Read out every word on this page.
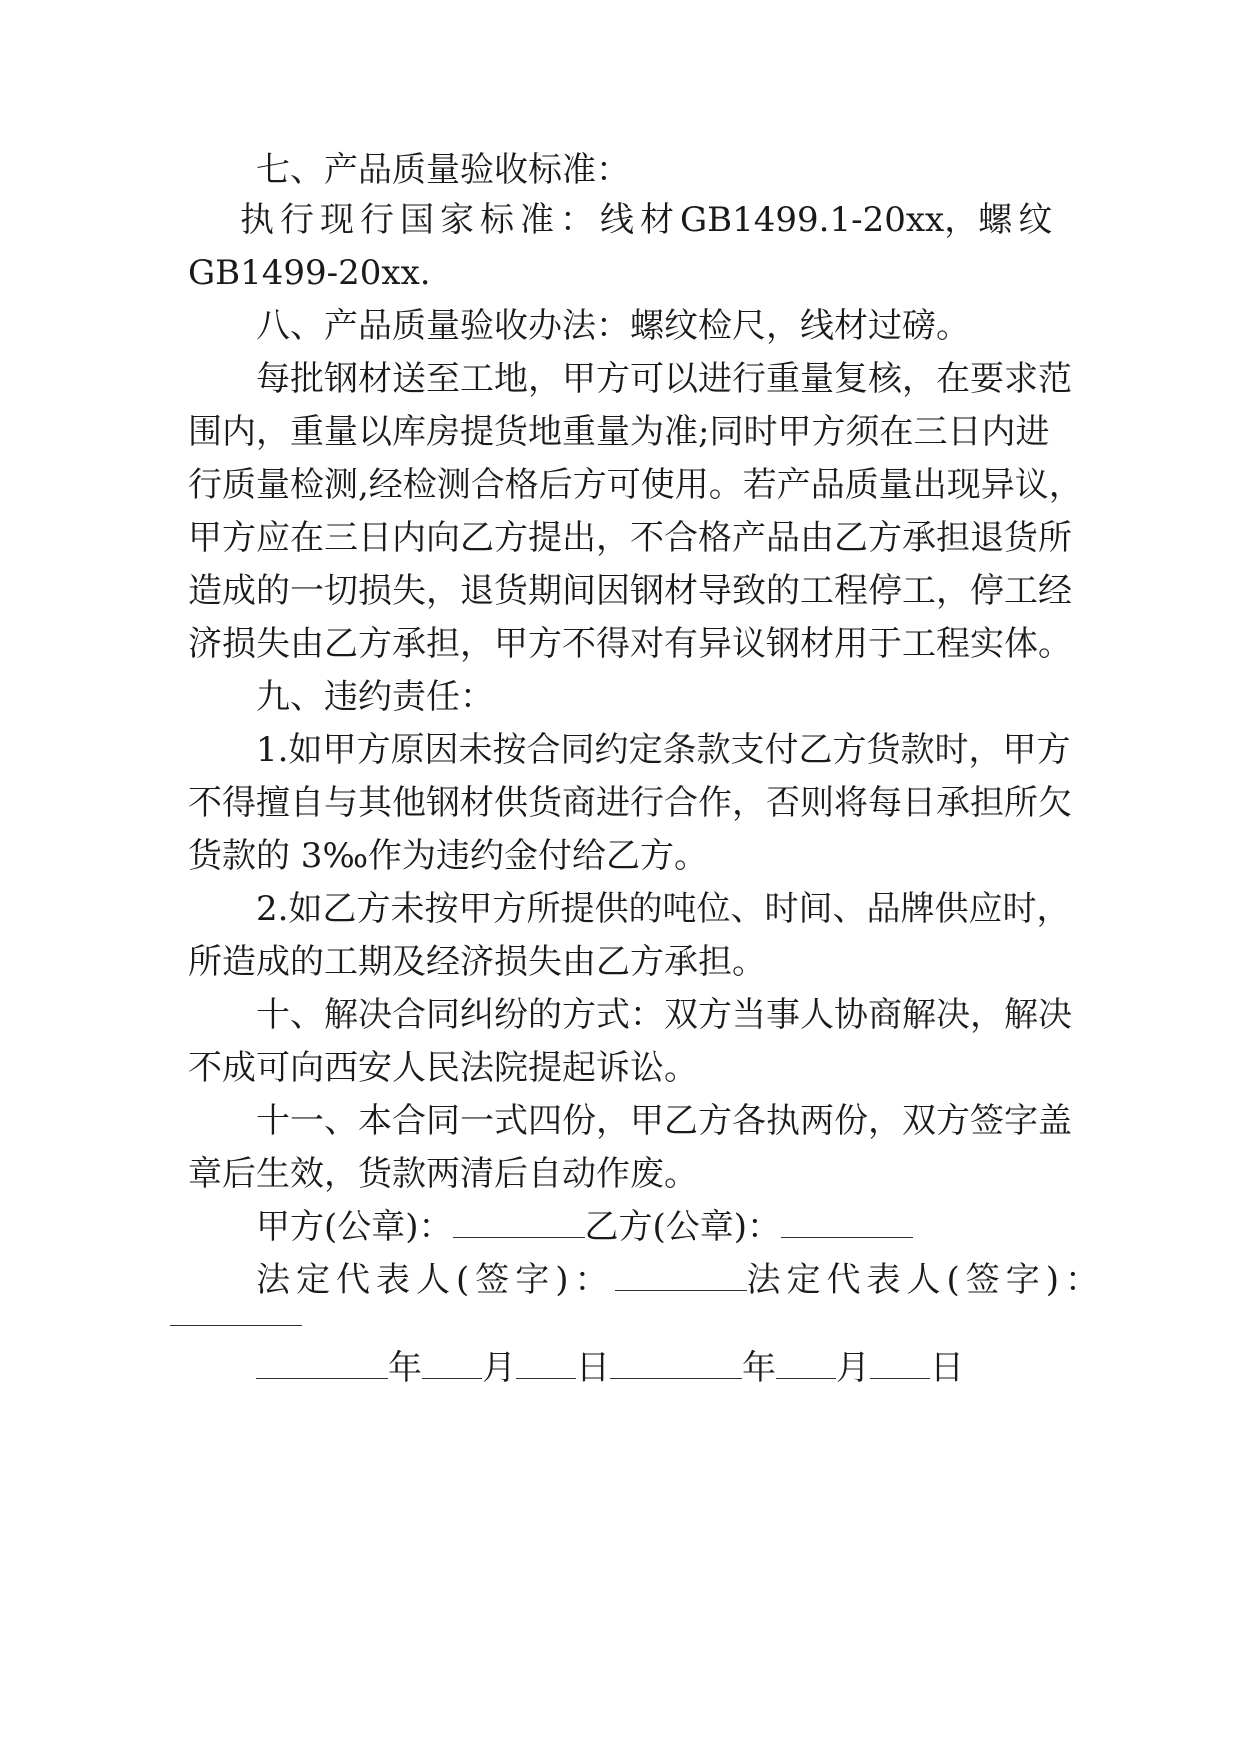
七、产品质量验收标准：
执行现行国家标准：线材 GB1499.1-20xx ， 螺纹
GB1499-20xx.
八、产品质量验收办法：螺纹检尺，线材过磅。
每批钢材送至工地，甲方可以进行重量复核，在要求范
围内，重量以库房提货地重量为准;同时甲方须在三日内进
行质量检测,经检测合格后方可使用。若产品质量出现异议，
甲方应在三日内向乙方提出，不合格产品由乙方承担退货所
造成的一切损失，退货期间因钢材导致的工程停工，停工经
济损失由乙方承担，甲方不得对有异议钢材用于工程实体。
九、违约责任：
1.如甲方原因未按合同约定条款支付乙方货款时，甲方
不得擅自与其他钢材供货商进行合作，否则将每日承担所欠
货款的 3‰作为违约金付给乙方。
2.如乙方未按甲方所提供的吨位、时间、品牌供应时，
所造成的工期及经济损失由乙方承担。
十、解决合同纠纷的方式：双方当事人协商解决，解决
不成可向西安人民法院提起诉讼。
十一、本合同一式四份，甲乙方各执两份，双方签字盖
章后生效，货款两清后自动作废。
甲方(公章)：	乙方(公章)：
法定代表人(签字)：	法定代表人(签字)：
年 月 日	年 月 日
